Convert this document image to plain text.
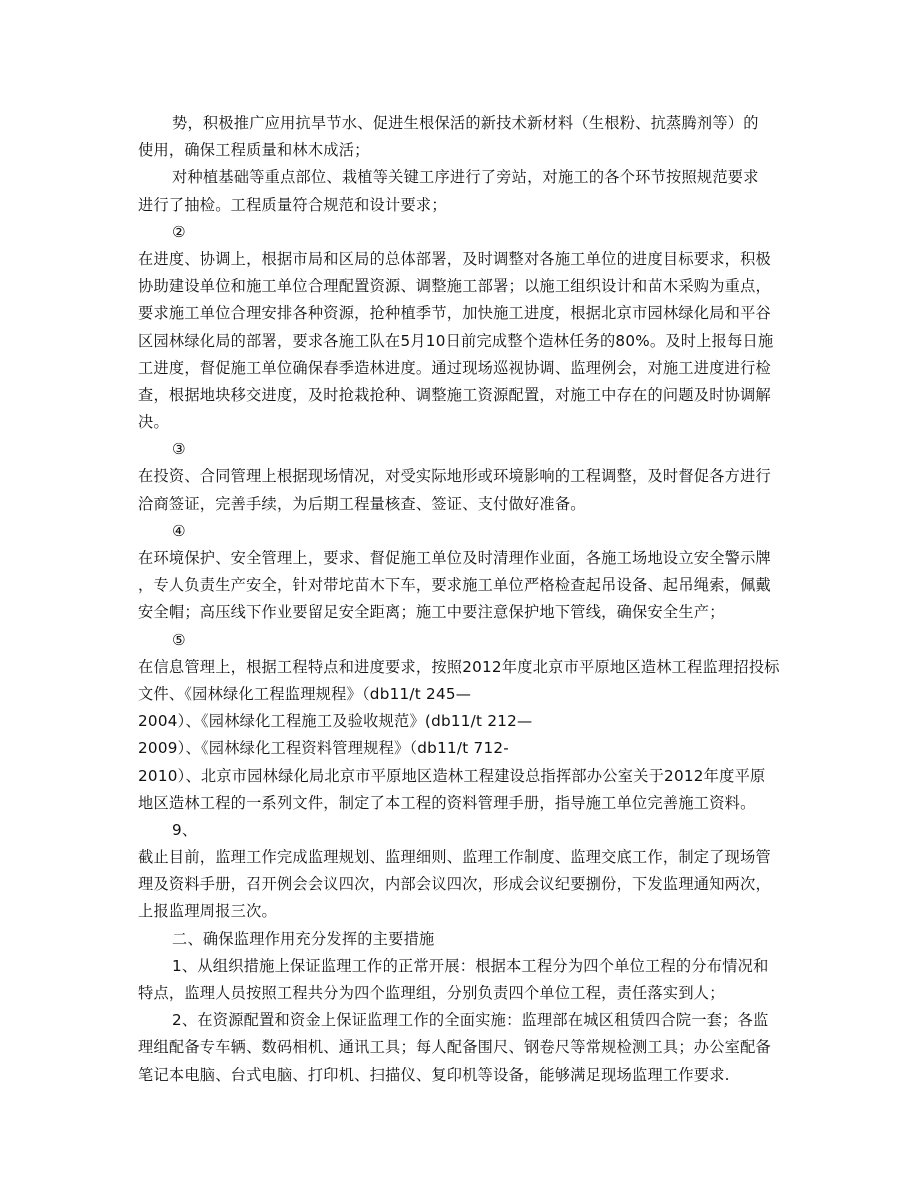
势，积极推广应用抗旱节水、促进生根保活的新技术新材料（生根粉、抗蒸腾剂等）的
使用，确保工程质量和林木成活；
对种植基础等重点部位、栽植等关键工序进行了旁站，对施工的各个环节按照规范要求
进行了抽检。工程质量符合规范和设计要求；
②
在进度、协调上，根据市局和区局的总体部署，及时调整对各施工单位的进度目标要求，积极
协助建设单位和施工单位合理配置资源、调整施工部署；以施工组织设计和苗木采购为重点，
要求施工单位合理安排各种资源，抢种植季节，加快施工进度，根据北京市园林绿化局和平谷
区园林绿化局的部署，要求各施工队在5月10日前完成整个造林任务的80%。及时上报每日施
工进度，督促施工单位确保春季造林进度。通过现场巡视协调、监理例会，对施工进度进行检
查，根据地块移交进度，及时抢栽抢种、调整施工资源配置，对施工中存在的问题及时协调解
决。
③
在投资、合同管理上根据现场情况，对受实际地形或环境影响的工程调整，及时督促各方进行
洽商签证，完善手续，为后期工程量核查、签证、支付做好准备。
④
在环境保护、安全管理上，要求、督促施工单位及时清理作业面，各施工场地设立安全警示牌
，专人负责生产安全，针对带坨苗木下车，要求施工单位严格检查起吊设备、起吊绳索，佩戴
安全帽；高压线下作业要留足安全距离；施工中要注意保护地下管线，确保安全生产；
⑤
在信息管理上，根据工程特点和进度要求，按照2012年度北京市平原地区造林工程监理招投标
文件、《园林绿化工程监理规程》（db11/t 245—
2004）、《园林绿化工程施工及验收规范》(db11/t 212—
2009）、《园林绿化工程资料管理规程》（db11/t 712-
2010）、北京市园林绿化局北京市平原地区造林工程建设总指挥部办公室关于2012年度平原
地区造林工程的一系列文件，制定了本工程的资料管理手册，指导施工单位完善施工资料。
9、
截止目前，监理工作完成监理规划、监理细则、监理工作制度、监理交底工作，制定了现场管
理及资料手册，召开例会会议四次，内部会议四次，形成会议纪要捌份，下发监理通知两次，
上报监理周报三次。
二、确保监理作用充分发挥的主要措施
1、从组织措施上保证监理工作的正常开展：根据本工程分为四个单位工程的分布情况和
特点，监理人员按照工程共分为四个监理组，分别负责四个单位工程，责任落实到人；
2、在资源配置和资金上保证监理工作的全面实施：监理部在城区租赁四合院一套；各监
理组配备专车辆、数码相机、通讯工具；每人配备围尺、钢卷尺等常规检测工具；办公室配备
笔记本电脑、台式电脑、打印机、扫描仪、复印机等设备，能够满足现场监理工作要求.
